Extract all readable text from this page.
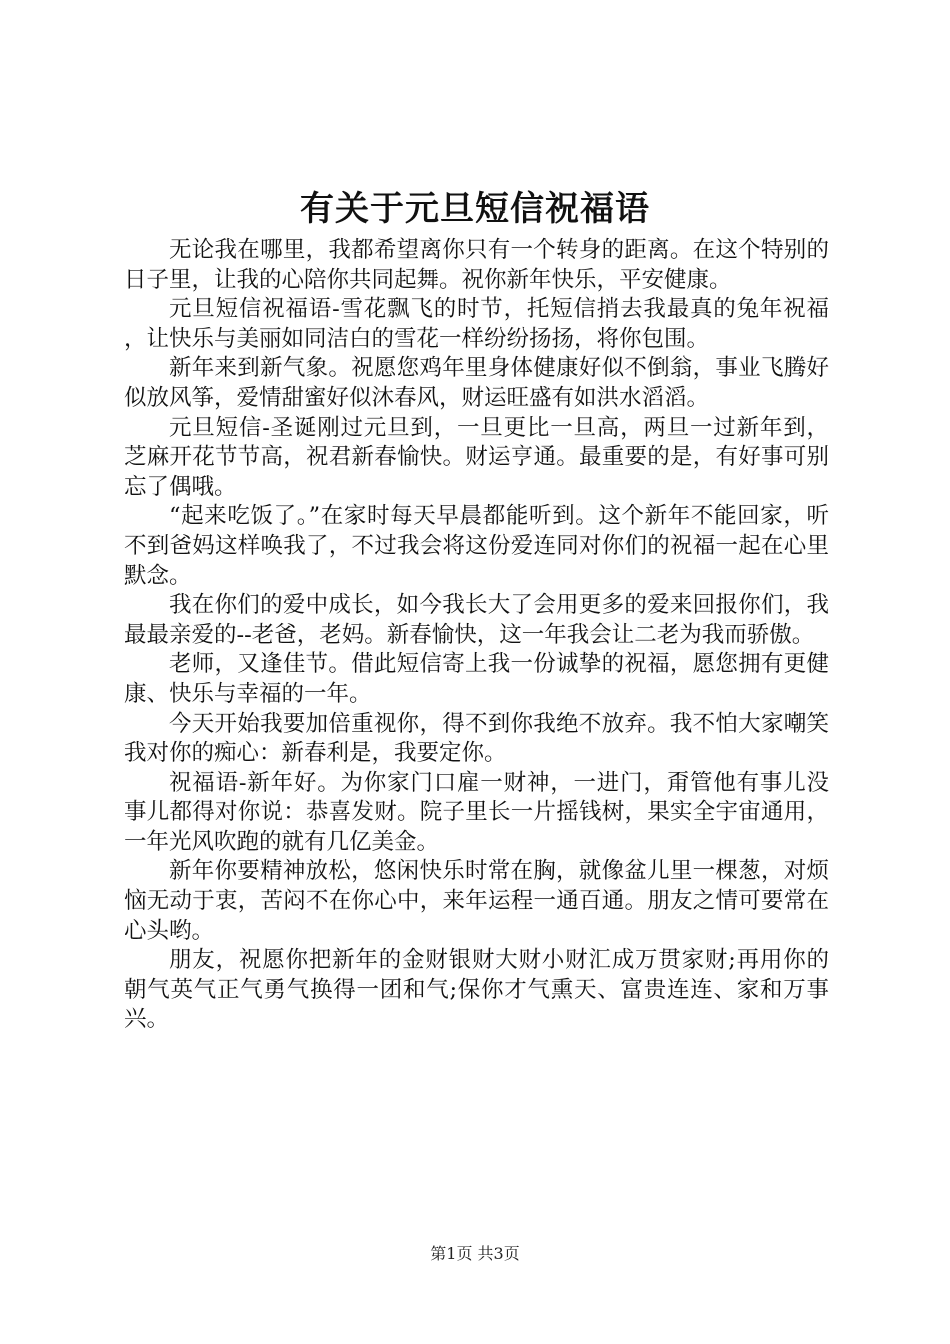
有关于元旦短信祝福语

无论我在哪里，我都希望离你只有一个转身的距离。在这个特别的日子里，让我的心陪你共同起舞。祝你新年快乐，平安健康。

元旦短信祝福语-雪花飘飞的时节，托短信捎去我最真的兔年祝福，让快乐与美丽如同洁白的雪花一样纷纷扬扬，将你包围。

新年来到新气象。祝愿您鸡年里身体健康好似不倒翁，事业飞腾好似放风筝，爱情甜蜜好似沐春风，财运旺盛有如洪水滔滔。

元旦短信-圣诞刚过元旦到，一旦更比一旦高，两旦一过新年到，芝麻开花节节高，祝君新春愉快。财运亨通。最重要的是，有好事可别忘了偶哦。

“起来吃饭了。”在家时每天早晨都能听到。这个新年不能回家，听不到爸妈这样唤我了，不过我会将这份爱连同对你们的祝福一起在心里默念。

我在你们的爱中成长，如今我长大了会用更多的爱来回报你们，我最最亲爱的--老爸，老妈。新春愉快，这一年我会让二老为我而骄傲。

老师，又逢佳节。借此短信寄上我一份诚挚的祝福，愿您拥有更健康、快乐与幸福的一年。

今天开始我要加倍重视你，得不到你我绝不放弃。我不怕大家嘲笑我对你的痴心：新春利是，我要定你。

祝福语-新年好。为你家门口雇一财神，一进门，甭管他有事儿没事儿都得对你说：恭喜发财。院子里长一片摇钱树，果实全宇宙通用，一年光风吹跑的就有几亿美金。

新年你要精神放松，悠闲快乐时常在胸，就像盆儿里一棵葱，对烦恼无动于衷，苦闷不在你心中，来年运程一通百通。朋友之情可要常在心头哟。

朋友，祝愿你把新年的金财银财大财小财汇成万贯家财;再用你的朝气英气正气勇气换得一团和气;保你才气熏天、富贵连连、家和万事兴。

第1页 共3页
